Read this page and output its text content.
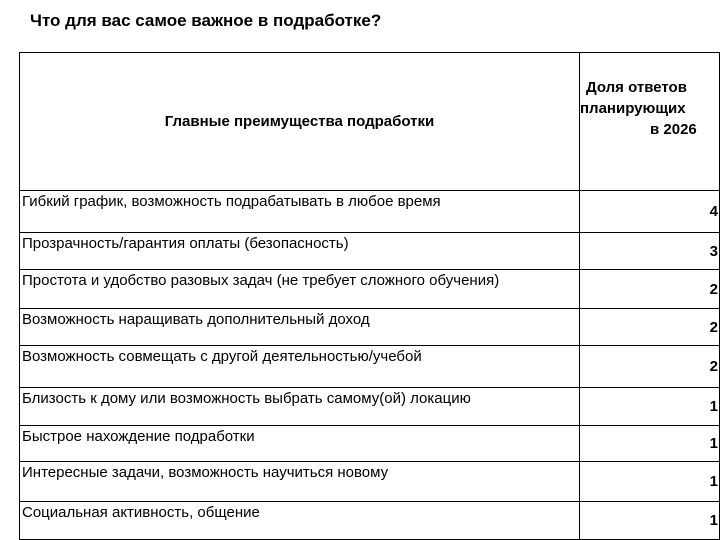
Что для вас самое важное в подработке?
Главные преимущества подработки	Доля ответов
планирующих
в 2026

Гибкий график, возможность подрабатывать в любое время	4
Прозрачность/гарантия оплаты (безопасность)	3
Простота и удобство разовых задач (не требует сложного обучения)	2
Возможность наращивать дополнительный доход	2
Возможность совмещать с другой деятельностью/учебой	2
Близость к дому или возможность выбрать самому(ой) локацию	1
Быстрое нахождение подработки	1
Интересные задачи, возможность научиться новому	1
Социальная активность, общение	1
